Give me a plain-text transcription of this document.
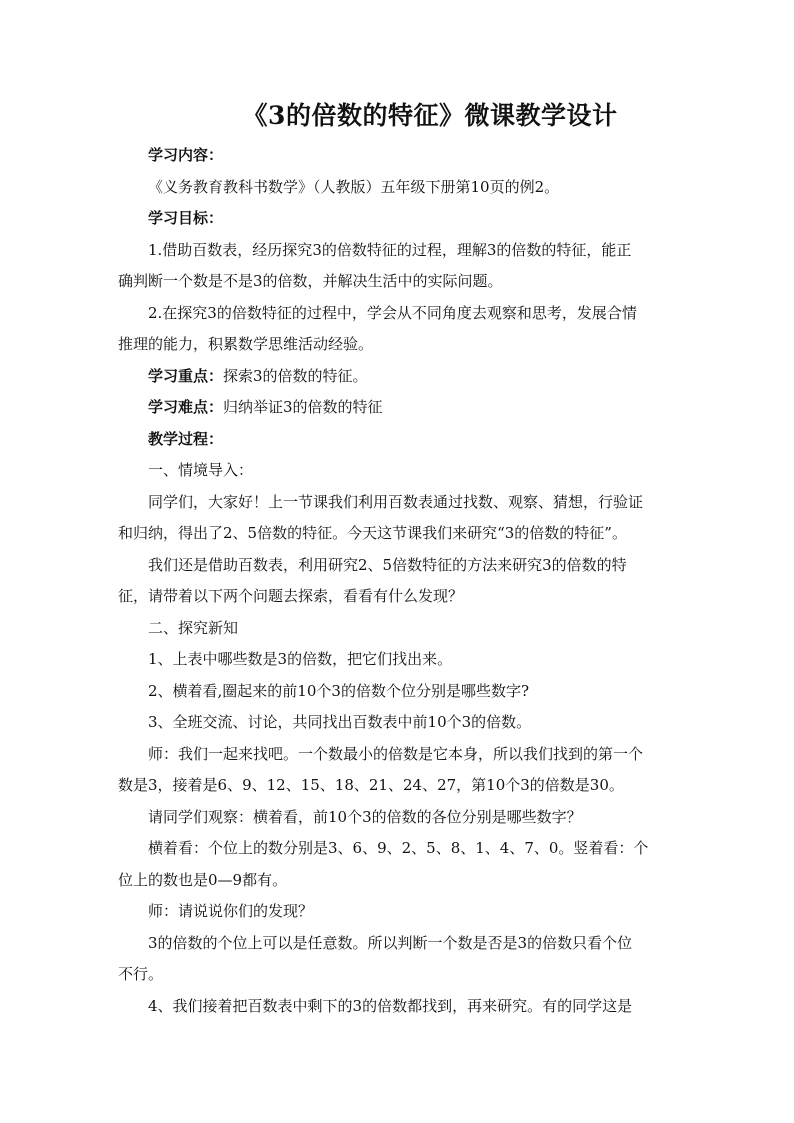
《3的倍数的特征》微课教学设计
学习内容：
《义务教育教科书数学》（人教版）五年级下册第10页的例2。
学习目标：
1.借助百数表，经历探究3的倍数特征的过程，理解3的倍数的特征，能正
确判断一个数是不是3的倍数，并解决生活中的实际问题。
2.在探究3的倍数特征的过程中，学会从不同角度去观察和思考，发展合情
推理的能力，积累数学思维活动经验。
学习重点：探索3的倍数的特征。
学习难点：归纳举证3的倍数的特征
教学过程：
一、情境导入：
同学们，大家好！上一节课我们利用百数表通过找数、观察、猜想，行验证
和归纳，得出了2、5倍数的特征。今天这节课我们来研究“3的倍数的特征”。
我们还是借助百数表，利用研究2、5倍数特征的方法来研究3的倍数的特
征，请带着以下两个问题去探索，看看有什么发现？
二、探究新知
1、上表中哪些数是3的倍数，把它们找出来。
2、横着看,圈起来的前10个3的倍数个位分别是哪些数字?
3、全班交流、讨论，共同找出百数表中前10个3的倍数。
师：我们一起来找吧。一个数最小的倍数是它本身，所以我们找到的第一个
数是3，接着是6、9、12、15、18、21、24、27，第10个3的倍数是30。
请同学们观察：横着看，前10个3的倍数的各位分别是哪些数字？
横着看：个位上的数分别是3、6、9、2、5、8、1、4、7、0。竖着看：个
位上的数也是0—9都有。
师：请说说你们的发现？
3的倍数的个位上可以是任意数。所以判断一个数是否是3的倍数只看个位
不行。
4、我们接着把百数表中剩下的3的倍数都找到，再来研究。有的同学这是
